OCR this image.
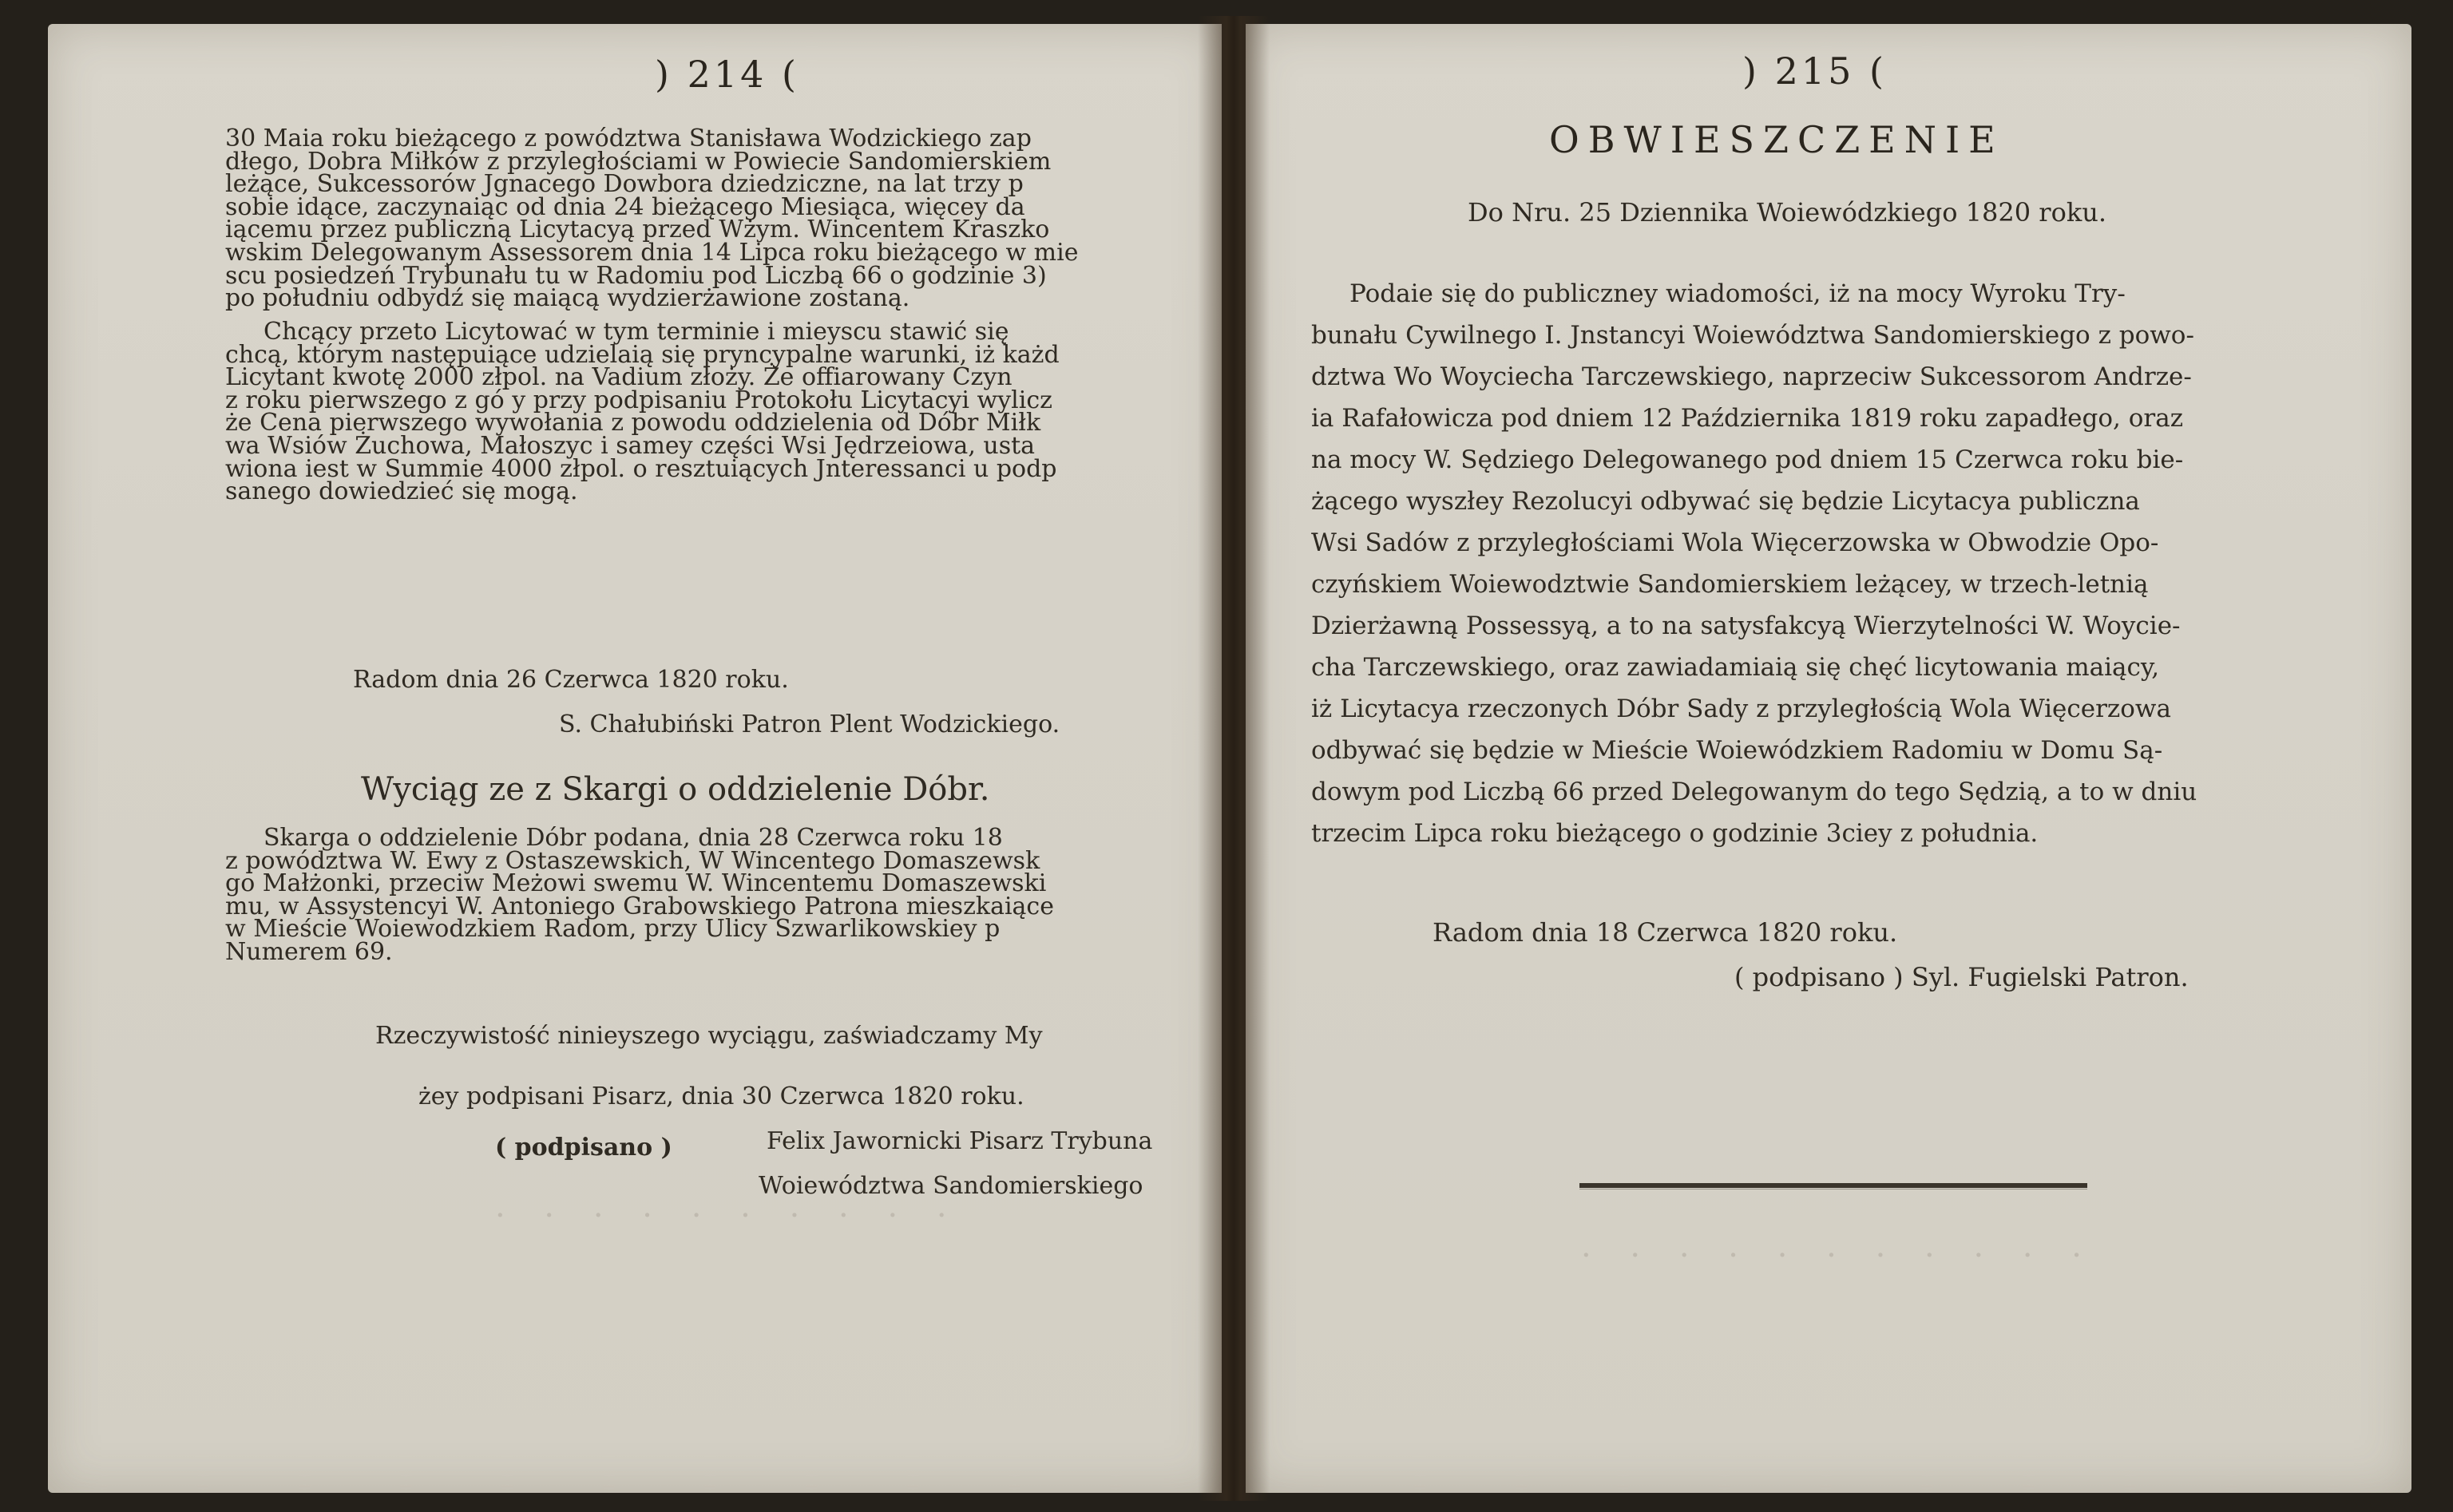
) 214 (

30 Maia roku bieżącego z powództwa Stanisława Wodzickiego zap

dłego, Dobra Miłków z przyległościami w Powiecie Sandomierskiem

leżące, Sukcessorów Jgnacego Dowbora dziedziczne, na lat trzy p

sobie idące, zaczynaiąc od dnia 24 bieżącego Miesiąca, więcey da

iącemu przez publiczną Licytacyą przed Wżym. Wincentem Kraszko

wskim Delegowanym Assessorem dnia 14 Lipca roku bieżącego w mie

scu posiedzeń Trybunału tu w Radomiu pod Liczbą 66 o godzinie 3)

po południu odbydź się maiącą wydzierżawione zostaną.

Chcący przeto Licytować w tym terminie i mieyscu stawić się

chcą, którym następuiące udzielaią się pryncypalne warunki, iż każd

Licytant kwotę 2000 złpol. na Vadium złoży. Że offiarowany Czyn

z roku pierwszego z gó y przy podpisaniu Protokołu Licytacyi wylicz

że Cena pierwszego wywołania z powodu oddzielenia od Dóbr Miłk

wa Wsiów Żuchowa, Małoszyc i samey części Wsi Jędrzeiowa, usta

wiona iest w Summie 4000 złpol. o resztuiących Jnteressanci u podp

sanego dowiedzieć się mogą.

Radom dnia 26 Czerwca 1820 roku.
S. Chałubiński Patron Plent Wodzickiego.
Wyciąg ze z Skargi o oddzielenie Dóbr.

Skarga o oddzielenie Dóbr podana, dnia 28 Czerwca roku 18

z powództwa W. Ewy z Ostaszewskich, W Wincentego Domaszewsk

go Małżonki, przeciw Meżowi swemu W. Wincentemu Domaszewski

mu, w Assystencyi W. Antoniego Grabowskiego Patrona mieszkaiące

w Mieście Woiewodzkiem Radom, przy Ulicy Szwarlikowskiey p

Numerem 69.

Rzeczywistość ninieyszego wyciągu, zaświadczamy My
żey podpisani Pisarz, dnia 30 Czerwca 1820 roku.
( podpisano )	Felix Jawornicki Pisarz Trybuna
Woiewództwa Sandomierskiego
· · · · · · · · · ·
) 215 (
OBWIESZCZENIE
Do Nru. 25 Dziennika Woiewódzkiego 1820 roku.

Podaie się do publiczney wiadomości, iż na mocy Wyroku Try-

bunału Cywilnego I. Jnstancyi Woiewództwa Sandomierskiego z powo-

dztwa Wo Woyciecha Tarczewskiego, naprzeciw Sukcessorom Andrze-

ia Rafałowicza pod dniem 12 Października 1819 roku zapadłego, oraz

na mocy W. Sędziego Delegowanego pod dniem 15 Czerwca roku bie-

żącego wyszłey Rezolucyi odbywać się będzie Licytacya publiczna

Wsi Sadów z przyległościami Wola Więcerzowska w Obwodzie Opo-

czyńskiem Woiewodztwie Sandomierskiem leżącey, w trzech-letnią

Dzierżawną Possessyą, a to na satysfakcyą Wierzytelności W. Woycie-

cha Tarczewskiego, oraz zawiadamiaią się chęć licytowania maiący,

iż Licytacya rzeczonych Dóbr Sady z przyległością Wola Więcerzowa

odbywać się będzie w Mieście Woiewódzkiem Radomiu w Domu Są-

dowym pod Liczbą 66 przed Delegowanym do tego Sędzią, a to w dniu

trzecim Lipca roku bieżącego o godzinie 3ciey z południa.

Radom dnia 18 Czerwca 1820 roku.
( podpisano ) Syl. Fugielski Patron.
· · · · · · · · · · ·
